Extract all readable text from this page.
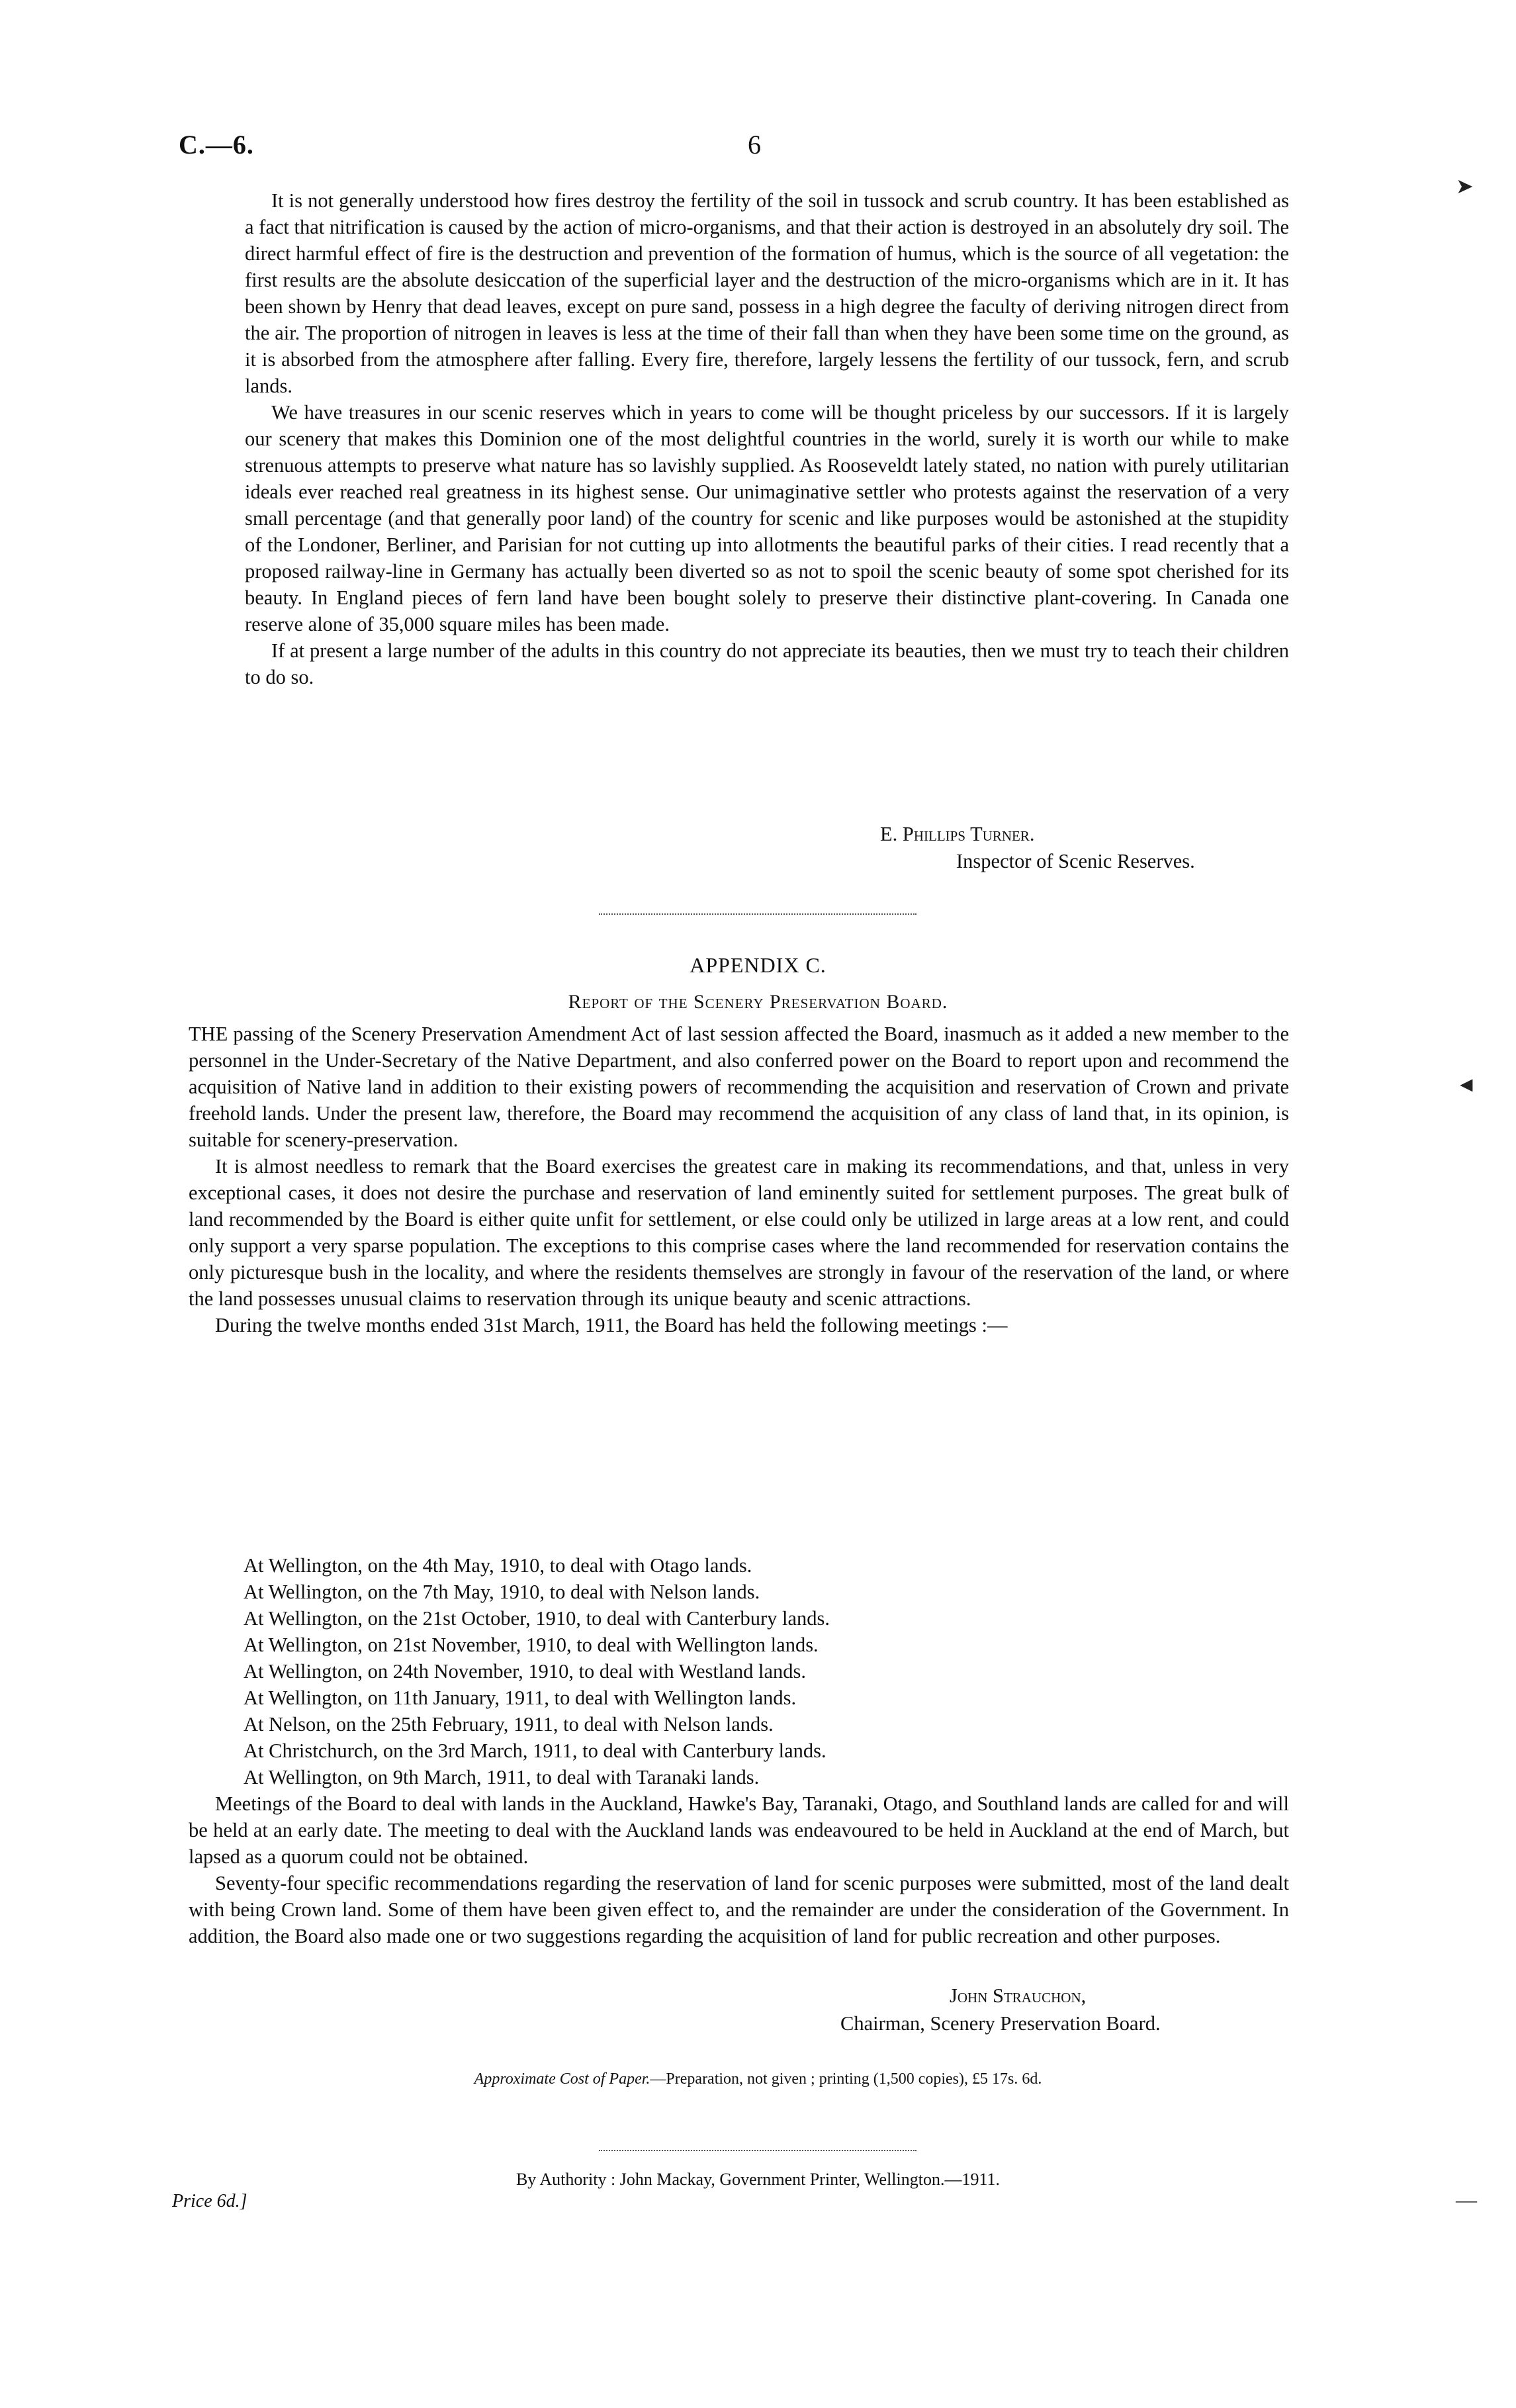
C.—6.	6
➤
◄

It is not generally understood how fires destroy the fertility of the soil in tussock and scrub country. It has been established as a fact that nitrification is caused by the action of micro-organisms, and that their action is destroyed in an absolutely dry soil. The direct harmful effect of fire is the destruction and prevention of the formation of humus, which is the source of all vegetation: the first results are the absolute desiccation of the superficial layer and the destruction of the micro-organisms which are in it. It has been shown by Henry that dead leaves, except on pure sand, possess in a high degree the faculty of deriving nitrogen direct from the air. The proportion of nitrogen in leaves is less at the time of their fall than when they have been some time on the ground, as it is absorbed from the atmosphere after falling. Every fire, therefore, largely lessens the fertility of our tussock, fern, and scrub lands.

We have treasures in our scenic reserves which in years to come will be thought priceless by our successors. If it is largely our scenery that makes this Dominion one of the most delightful countries in the world, surely it is worth our while to make strenuous attempts to preserve what nature has so lavishly supplied. As Rooseveldt lately stated, no nation with purely utilitarian ideals ever reached real greatness in its highest sense. Our unimaginative settler who protests against the reservation of a very small percentage (and that generally poor land) of the country for scenic and like purposes would be astonished at the stupidity of the Londoner, Berliner, and Parisian for not cutting up into allotments the beautiful parks of their cities. I read recently that a proposed railway-line in Germany has actually been diverted so as not to spoil the scenic beauty of some spot cherished for its beauty. In England pieces of fern land have been bought solely to preserve their distinctive plant-covering. In Canada one reserve alone of 35,000 square miles has been made.

If at present a large number of the adults in this country do not appreciate its beauties, then we must try to teach their children to do so.

E. Phillips Turner.
Inspector of Scenic Reserves.
APPENDIX C.
Report of the Scenery Preservation Board.

THE passing of the Scenery Preservation Amendment Act of last session affected the Board, inasmuch as it added a new member to the personnel in the Under-Secretary of the Native Department, and also conferred power on the Board to report upon and recommend the acquisition of Native land in addition to their existing powers of recommending the acquisition and reservation of Crown and private freehold lands. Under the present law, therefore, the Board may recommend the acquisition of any class of land that, in its opinion, is suitable for scenery-preservation.

It is almost needless to remark that the Board exercises the greatest care in making its recommendations, and that, unless in very exceptional cases, it does not desire the purchase and reservation of land eminently suited for settlement purposes. The great bulk of land recommended by the Board is either quite unfit for settlement, or else could only be utilized in large areas at a low rent, and could only support a very sparse population. The exceptions to this comprise cases where the land recommended for reservation contains the only picturesque bush in the locality, and where the residents themselves are strongly in favour of the reservation of the land, or where the land possesses unusual claims to reservation through its unique beauty and scenic attractions.

During the twelve months ended 31st March, 1911, the Board has held the following meetings :—

At Wellington, on the 4th May, 1910, to deal with Otago lands.

At Wellington, on the 7th May, 1910, to deal with Nelson lands.

At Wellington, on the 21st October, 1910, to deal with Canterbury lands.

At Wellington, on 21st November, 1910, to deal with Wellington lands.

At Wellington, on 24th November, 1910, to deal with Westland lands.

At Wellington, on 11th January, 1911, to deal with Wellington lands.

At Nelson, on the 25th February, 1911, to deal with Nelson lands.

At Christchurch, on the 3rd March, 1911, to deal with Canterbury lands.

At Wellington, on 9th March, 1911, to deal with Taranaki lands.

Meetings of the Board to deal with lands in the Auckland, Hawke's Bay, Taranaki, Otago, and Southland lands are called for and will be held at an early date. The meeting to deal with the Auckland lands was endeavoured to be held in Auckland at the end of March, but lapsed as a quorum could not be obtained.

Seventy-four specific recommendations regarding the reservation of land for scenic purposes were submitted, most of the land dealt with being Crown land. Some of them have been given effect to, and the remainder are under the consideration of the Government. In addition, the Board also made one or two suggestions regarding the acquisition of land for public recreation and other purposes.

John Strauchon,
Chairman, Scenery Preservation Board.
Approximate Cost of Paper.—Preparation, not given ; printing (1,500 copies), £5 17s. 6d.
By Authority : John Mackay, Government Printer, Wellington.—1911.
Price 6d.]	—
